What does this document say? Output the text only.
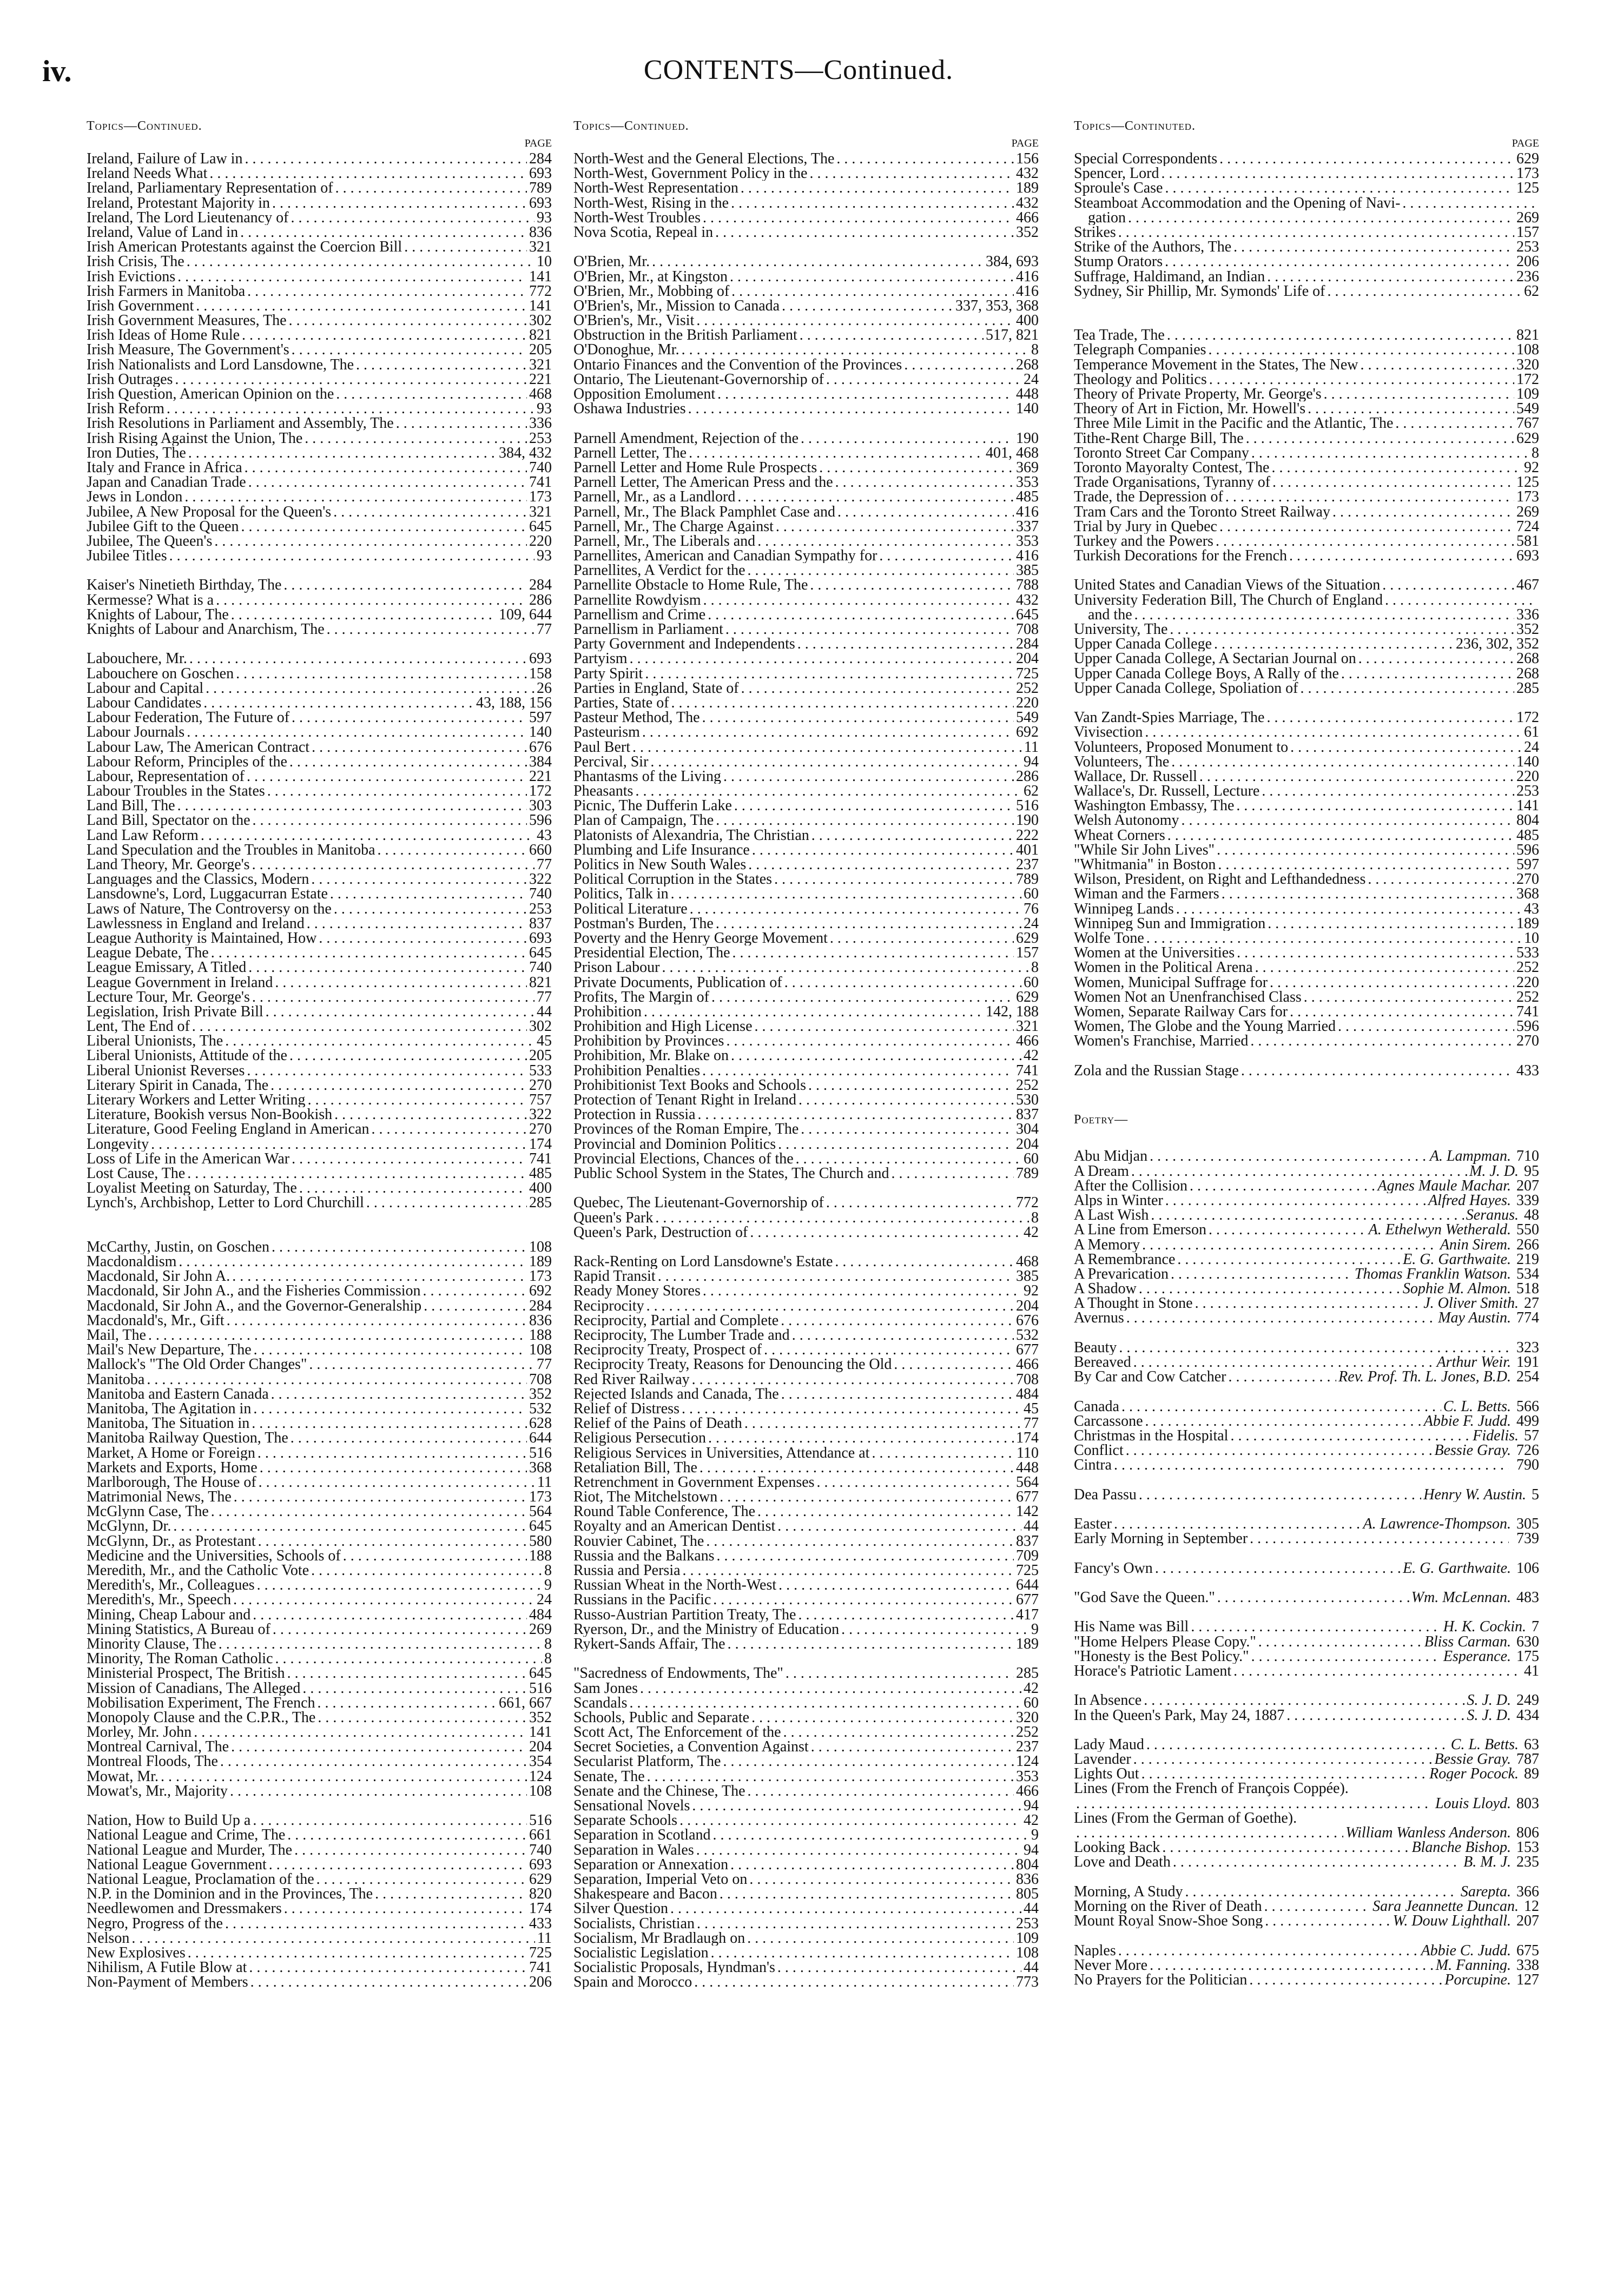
iv.	CONTENTS—Continued.
Topics—Continued.
PAGE
Ireland, Failure of Law in . . .	284
Ireland Needs What . . .	693
Ireland, Parliamentary Representation of . . .	789
Ireland, Protestant Majority in . . .	693
Ireland, The Lord Lieutenancy of . . .	93
Ireland, Value of Land in . . .	836
Irish American Protestants against the Coercion Bill . . .	321
Irish Crisis, The . . .	10
Irish Evictions . . .	141
Irish Farmers in Manitoba . . .	772
Irish Government . . .	141
Irish Government Measures, The . . .	302
Irish Ideas of Home Rule . . .	821
Irish Measure, The Government's . . .	205
Irish Nationalists and Lord Lansdowne, The . . .	321
Irish Outrages . . .	221
Irish Question, American Opinion on the . . .	468
Irish Reform . . .	93
Irish Resolutions in Parliament and Assembly, The . . .	336
Irish Rising Against the Union, The . . .	253
Iron Duties, The . . .	384, 432
Italy and France in Africa . . .	740
Japan and Canadian Trade . . .	741
Jews in London . . .	173
Jubilee, A New Proposal for the Queen's . . .	321
Jubilee Gift to the Queen . . .	645
Jubilee, The Queen's . . .	220
Jubilee Titles . . .	93
Kaiser's Ninetieth Birthday, The . . .	284
Kermesse? What is a . . .	286
Knights of Labour, The . . .	109, 644
Knights of Labour and Anarchism, The . . .	77
Labouchere, Mr. . . .	693
Labouchere on Goschen . . .	158
Labour and Capital . . .	26
Labour Candidates . . .	43, 188, 156
Labour Federation, The Future of . . .	597
Labour Journals . . .	140
Labour Law, The American Contract . . .	676
Labour Reform, Principles of the . . .	384
Labour, Representation of . . .	221
Labour Troubles in the States . . .	172
Land Bill, The . . .	303
Land Bill, Spectator on the . . .	596
Land Law Reform . . .	43
Land Speculation and the Troubles in Manitoba . . .	660
Land Theory, Mr. George's . . .	77
Languages and the Classics, Modern . . .	322
Lansdowne's, Lord, Luggacurran Estate . . .	740
Laws of Nature, The Controversy on the . . .	253
Lawlessness in England and Ireland . . .	837
League Authority is Maintained, How . . .	693
League Debate, The . . .	645
League Emissary, A Titled . . .	740
League Government in Ireland . . .	821
Lecture Tour, Mr. George's . . .	77
Legislation, Irish Private Bill . . .	44
Lent, The End of . . .	302
Liberal Unionists, The . . .	45
Liberal Unionists, Attitude of the . . .	205
Liberal Unionist Reverses . . .	533
Literary Spirit in Canada, The . . .	270
Literary Workers and Letter Writing . . .	757
Literature, Bookish versus Non-Bookish . . .	322
Literature, Good Feeling England in American . . .	270
Longevity . . .	174
Loss of Life in the American War . . .	741
Lost Cause, The . . .	485
Loyalist Meeting on Saturday, The . . .	400
Lynch's, Archbishop, Letter to Lord Churchill . . .	285
McCarthy, Justin, on Goschen . . .	108
Macdonaldism . . .	189
Macdonald, Sir John A. . . .	173
Macdonald, Sir John A., and the Fisheries Commission . . .	692
Macdonald, Sir John A., and the Governor-Generalship . . .	284
Macdonald's, Mr., Gift . . .	836
Mail, The . . .	188
Mail's New Departure, The . . .	108
Mallock's "The Old Order Changes" . . .	77
Manitoba . . .	708
Manitoba and Eastern Canada . . .	352
Manitoba, The Agitation in . . .	532
Manitoba, The Situation in . . .	628
Manitoba Railway Question, The . . .	644
Market, A Home or Foreign . . .	516
Markets and Exports, Home . . .	368
Marlborough, The House of . . .	11
Matrimonial News, The . . .	173
McGlynn Case, The . . .	564
McGlynn, Dr. . . .	645
McGlynn, Dr., as Protestant . . .	580
Medicine and the Universities, Schools of . . .	188
Meredith, Mr., and the Catholic Vote . . .	8
Meredith's, Mr., Colleagues . . .	9
Meredith's, Mr., Speech . . .	24
Mining, Cheap Labour and . . .	484
Mining Statistics, A Bureau of . . .	269
Minority Clause, The . . .	8
Minority, The Roman Catholic . . .	8
Ministerial Prospect, The British . . .	645
Mission of Canadians, The Alleged . . .	516
Mobilisation Experiment, The French . . .	661, 667
Monopoly Clause and the C.P.R., The . . .	352
Morley, Mr. John . . .	141
Montreal Carnival, The . . .	204
Montreal Floods, The . . .	354
Mowat, Mr. . . .	124
Mowat's, Mr., Majority . . .	108
Nation, How to Build Up a . . .	516
National League and Crime, The . . .	661
National League and Murder, The . . .	740
National League Government . . .	693
National League, Proclamation of the . . .	629
N.P. in the Dominion and in the Provinces, The . . .	820
Needlewomen and Dressmakers . . .	174
Negro, Progress of the . . .	433
Nelson . . .	11
New Explosives . . .	725
Nihilism, A Futile Blow at . . .	741
Non-Payment of Members . . .	206
Topics—Continued.
PAGE
North-West and the General Elections, The . . .	156
North-West, Government Policy in the . . .	432
North-West Representation . . .	189
North-West, Rising in the . . .	432
North-West Troubles . . .	466
Nova Scotia, Repeal in . . .	352
O'Brien, Mr. . . .	384, 693
O'Brien, Mr., at Kingston . . .	416
O'Brien, Mr., Mobbing of . . .	416
O'Brien's, Mr., Mission to Canada . . .	337, 353, 368
O'Brien's, Mr., Visit . . .	400
Obstruction in the British Parliament . . .	517, 821
O'Donoghue, Mr. . . .	8
Ontario Finances and the Convention of the Provinces . . .	268
Ontario, The Lieutenant-Governorship of . . .	24
Opposition Emolument . . .	448
Oshawa Industries . . .	140
Parnell Amendment, Rejection of the . . .	190
Parnell Letter, The . . .	401, 468
Parnell Letter and Home Rule Prospects . . .	369
Parnell Letter, The American Press and the . . .	353
Parnell, Mr., as a Landlord . . .	485
Parnell, Mr., The Black Pamphlet Case and . . .	416
Parnell, Mr., The Charge Against . . .	337
Parnell, Mr., The Liberals and . . .	353
Parnellites, American and Canadian Sympathy for . . .	416
Parnellites, A Verdict for the . . .	385
Parnellite Obstacle to Home Rule, The . . .	788
Parnellite Rowdyism . . .	432
Parnellism and Crime . . .	645
Parnellism in Parliament . . .	708
Party Government and Independents . . .	284
Partyism . . .	204
Party Spirit . . .	725
Parties in England, State of . . .	252
Parties, State of . . .	220
Pasteur Method, The . . .	549
Pasteurism . . .	692
Paul Bert . . .	11
Percival, Sir . . .	94
Phantasms of the Living . . .	286
Pheasants . . .	62
Picnic, The Dufferin Lake . . .	516
Plan of Campaign, The . . .	190
Platonists of Alexandria, The Christian . . .	222
Plumbing and Life Insurance . . .	401
Politics in New South Wales . . .	237
Political Corruption in the States . . .	789
Politics, Talk in . . .	60
Political Literature . . .	76
Postman's Burden, The . . .	24
Poverty and the Henry George Movement . . .	629
Presidential Election, The . . .	157
Prison Labour . . .	8
Private Documents, Publication of . . .	60
Profits, The Margin of . . .	629
Prohibition . . .	142, 188
Prohibition and High License . . .	321
Prohibition by Provinces . . .	466
Prohibition, Mr. Blake on . . .	42
Prohibition Penalties . . .	741
Prohibitionist Text Books and Schools . . .	252
Protection of Tenant Right in Ireland . . .	530
Protection in Russia . . .	837
Provinces of the Roman Empire, The . . .	304
Provincial and Dominion Politics . . .	204
Provincial Elections, Chances of the . . .	60
Public School System in the States, The Church and . . .	789
Quebec, The Lieutenant-Governorship of . . .	772
Queen's Park . . .	8
Queen's Park, Destruction of . . .	42
Rack-Renting on Lord Lansdowne's Estate . . .	468
Rapid Transit . . .	385
Ready Money Stores . . .	92
Reciprocity . . .	204
Reciprocity, Partial and Complete . . .	676
Reciprocity, The Lumber Trade and . . .	532
Reciprocity Treaty, Prospect of . . .	677
Reciprocity Treaty, Reasons for Denouncing the Old . . .	466
Red River Railway . . .	708
Rejected Islands and Canada, The . . .	484
Relief of Distress . . .	45
Relief of the Pains of Death . . .	77
Religious Persecution . . .	174
Religious Services in Universities, Attendance at . . .	110
Retaliation Bill, The . . .	448
Retrenchment in Government Expenses . . .	564
Riot, The Mitchelstown . . .	677
Round Table Conference, The . . .	142
Royalty and an American Dentist . . .	44
Rouvier Cabinet, The . . .	837
Russia and the Balkans . . .	709
Russia and Persia . . .	725
Russian Wheat in the North-West . . .	644
Russians in the Pacific . . .	677
Russo-Austrian Partition Treaty, The . . .	417
Ryerson, Dr., and the Ministry of Education . . .	9
Rykert-Sands Affair, The . . .	189
"Sacredness of Endowments, The" . . .	285
Sam Jones . . .	42
Scandals . . .	60
Schools, Public and Separate . . .	320
Scott Act, The Enforcement of the . . .	252
Secret Societies, a Convention Against . . .	237
Secularist Platform, The . . .	124
Senate, The . . .	353
Senate and the Chinese, The . . .	466
Sensational Novels . . .	94
Separate Schools . . .	42
Separation in Scotland . . .	9
Separation in Wales . . .	94
Separation or Annexation . . .	804
Separation, Imperial Veto on . . .	836
Shakespeare and Bacon . . .	805
Silver Question . . .	44
Socialists, Christian . . .	253
Socialism, Mr Bradlaugh on . . .	109
Socialistic Legislation . . .	108
Socialistic Proposals, Hyndman's . . .	44
Spain and Morocco . . .	773
Topics—Continuted.
PAGE
Special Correspondents . . .	629
Spencer, Lord . . .	173
Sproule's Case . . .	125
Steamboat Accommodation and the Opening of Navi-
. . .
gation . . .	269
Strikes . . .	157
Strike of the Authors, The . . .	253
Stump Orators . . .	206
Suffrage, Haldimand, an Indian . . .	236
Sydney, Sir Phillip, Mr. Symonds' Life of . . .	62
Tea Trade, The . . .	821
Telegraph Companies . . .	108
Temperance Movement in the States, The New . . .	320
Theology and Politics . . .	172
Theory of Private Property, Mr. George's . . .	109
Theory of Art in Fiction, Mr. Howell's . . .	549
Three Mile Limit in the Pacific and the Atlantic, The . . .	767
Tithe-Rent Charge Bill, The . . .	629
Toronto Street Car Company . . .	8
Toronto Mayoralty Contest, The . . .	92
Trade Organisations, Tyranny of . . .	125
Trade, the Depression of . . .	173
Tram Cars and the Toronto Street Railway . . .	269
Trial by Jury in Quebec . . .	724
Turkey and the Powers . . .	581
Turkish Decorations for the French . . .	693
United States and Canadian Views of the Situation . . .	467
University Federation Bill, The Church of England
. . .
and the . . .	336
University, The . . .	352
Upper Canada College . . .	236, 302, 352
Upper Canada College, A Sectarian Journal on . . .	268
Upper Canada College Boys, A Rally of the . . .	268
Upper Canada College, Spoliation of . . .	285
Van Zandt-Spies Marriage, The . . .	172
Vivisection . . .	61
Volunteers, Proposed Monument to . . .	24
Volunteers, The . . .	140
Wallace, Dr. Russell . . .	220
Wallace's, Dr. Russell, Lecture . . .	253
Washington Embassy, The . . .	141
Welsh Autonomy . . .	804
Wheat Corners . . .	485
"While Sir John Lives" . . .	596
"Whitmania" in Boston . . .	597
Wilson, President, on Right and Lefthandedness . . .	270
Wiman and the Farmers . . .	368
Winnipeg Lands . . .	43
Winnipeg Sun and Immigration . . .	189
Wolfe Tone . . .	10
Women at the Universities . . .	533
Women in the Political Arena . . .	252
Women, Municipal Suffrage for . . .	220
Women Not an Unenfranchised Class . . .	252
Women, Separate Railway Cars for . . .	741
Women, The Globe and the Young Married . . .	596
Women's Franchise, Married . . .	270
Zola and the Russian Stage . . .	433
Poetry—
Abu Midjan . . .	A. Lampman. 710
A Dream . . .	M. J. D. 95
After the Collision . . .	Agnes Maule Machar. 207
Alps in Winter . . .	Alfred Hayes. 339
A Last Wish . . .	Seranus. 48
A Line from Emerson . . .	A. Ethelwyn Wetherald. 550
A Memory . . .	Anin Sirem. 266
A Remembrance . . .	E. G. Garthwaite. 219
A Prevarication . . .	Thomas Franklin Watson. 534
A Shadow . . .	Sophie M. Almon. 518
A Thought in Stone . . .	J. Oliver Smith. 27
Avernus . . .	May Austin. 774
Beauty . . .	323
Bereaved . . .	Arthur Weir. 191
By Car and Cow Catcher . . .	Rev. Prof. Th. L. Jones, B.D. 254
Canada . . .	C. L. Betts. 566
Carcassone . . .	Abbie F. Judd. 499
Christmas in the Hospital . . .	Fidelis. 57
Conflict . . .	Bessie Gray. 726
Cintra . . .	790
Dea Passu . . .	Henry W. Austin. 5
Easter . . .	A. Lawrence-Thompson. 305
Early Morning in September . . .	739
Fancy's Own . . .	E. G. Garthwaite. 106
"God Save the Queen." . . .	Wm. McLennan. 483
His Name was Bill . . .	H. K. Cockin. 7
"Home Helpers Please Copy." . . .	Bliss Carman. 630
"Honesty is the Best Policy." . . .	Esperance. 175
Horace's Patriotic Lament . . .	41
In Absence . . .	S. J. D. 249
In the Queen's Park, May 24, 1887 . . .	S. J. D. 434
Lady Maud . . .	C. L. Betts. 63
Lavender . . .	Bessie Gray. 787
Lights Out . . .	Roger Pocock. 89
Lines (From the French of François Coppée).
. . .
Louis Lloyd. 803
Lines (From the German of Goethe).
. . .
William Wanless Anderson. 806
Looking Back . . .	Blanche Bishop. 153
Love and Death . . .	B. M. J. 235
Morning, A Study . . .	Sarepta. 366
Morning on the River of Death . . .	Sara Jeannette Duncan. 12
Mount Royal Snow-Shoe Song . . .	W. Douw Lighthall. 207
Naples . . .	Abbie C. Judd. 675
Never More . . .	M. Fanning. 338
No Prayers for the Politician . . .	Porcupine. 127
